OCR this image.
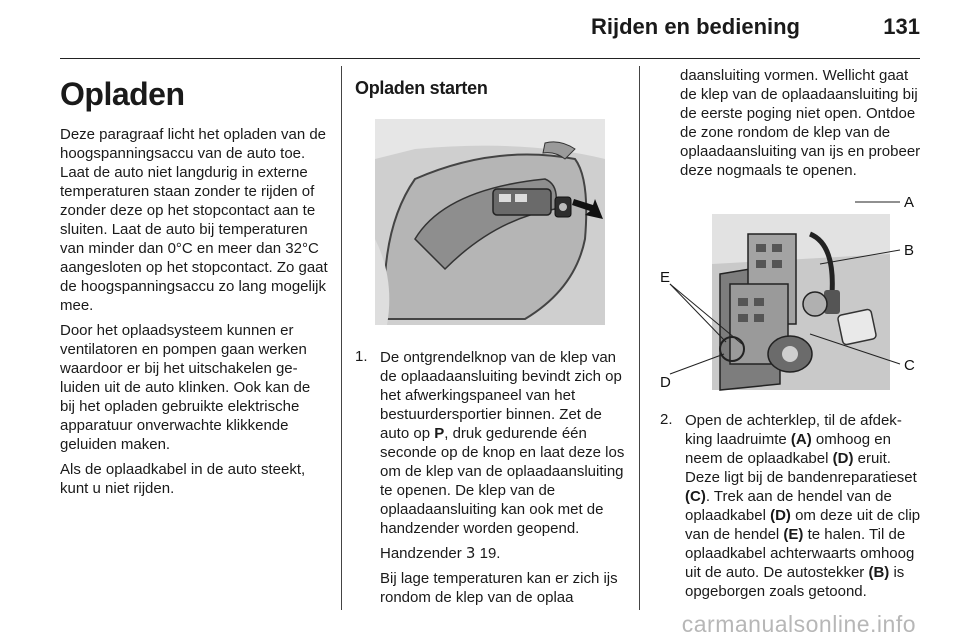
Rijden en bediening	131
Opladen

Deze paragraaf licht het opladen van de hoogspanningsaccu van de auto toe. Laat de auto niet langdurig in externe temperaturen staan zonder te rijden of zonder deze op het stopcontact aan te sluiten. Laat de auto bij temperaturen van minder dan 0°C en meer dan 32°C aangesloten op het stopcontact. Zo gaat de hoogspanningsaccu zo lang mogelijk mee.

Door het oplaadsysteem kunnen er ventilatoren en pompen gaan werken waardoor er bij het uitschakelen geluiden uit de auto klinken. Ook kan de bij het opladen gebruikte elektrische apparatuur onverwachte klikkende geluiden maken.

Als de oplaadkabel in de auto steekt, kunt u niet rijden.

Opladen starten
1. De ontgrendelknop van de klep van de oplaadaansluiting bevindt zich op het afwerkingspaneel van het bestuurdersportier binnen. Zet de auto op P, druk gedurende één seconde op de knop en laat deze los om de klep van de oplaadaansluiting te openen. De klep van de oplaadaansluiting kan ook met de handzender worden geopend.

Handzender 3 19.

Bij lage temperaturen kan er zich ijs rondom de klep van de oplaa

daansluiting vormen. Wellicht gaat de klep van de oplaadaansluiting bij de eerste poging niet open. Ontdoe de zone rondom de klep van de oplaadaansluiting van ijs en probeer deze nogmaals te openen.

A
B
C
D
E
2. Open de achterklep, til de afdekking laadruimte (A) omhoog en neem de oplaadkabel (D) eruit. Deze ligt bij de bandenreparatieset (C). Trek aan de hendel van de oplaadkabel (D) om deze uit de clip van de hendel (E) te halen. Til de oplaadkabel achterwaarts omhoog uit de auto. De autostekker (B) is opgeborgen zoals getoond.

carmanualsonline.info
